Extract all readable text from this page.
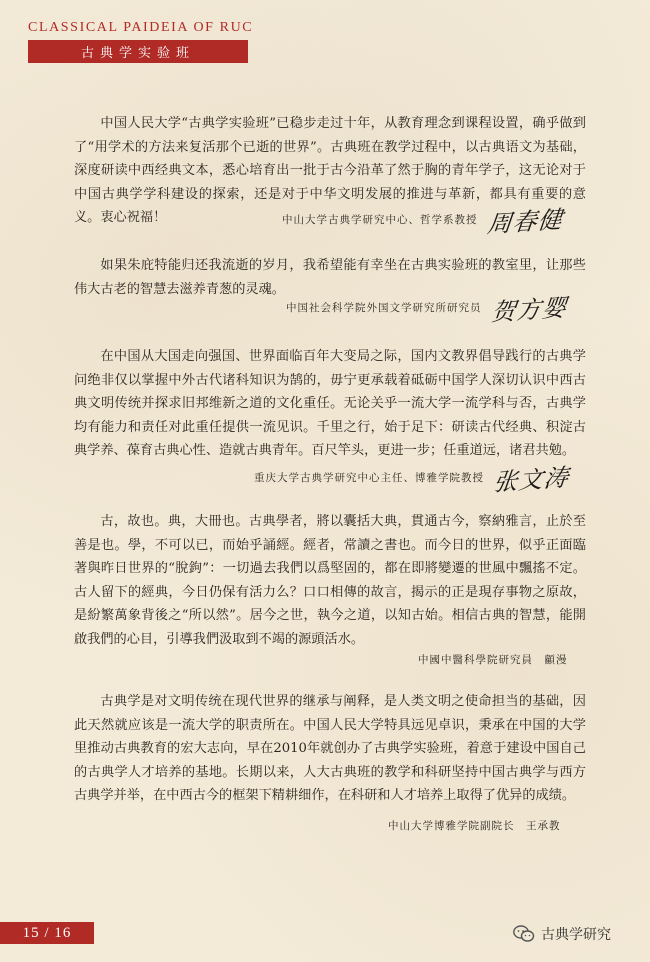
CLASSICAL PAIDEIA OF RUC
古典学实验班

中国人民大学“古典学实验班”已稳步走过十年，从教育理念到课程设置，确乎做到了“用学术的方法来复活那个已逝的世界”。古典班在教学过程中，以古典语文为基础，深度研读中西经典文本，悉心培育出一批于古今沿革了然于胸的青年学子，这无论对于中国古典学学科建设的探索，还是对于中华文明发展的推进与革新，都具有重要的意义。衷心祝福！	中山大学古典学研究中心、哲学系教授 周春健

如果朱庇特能归还我流逝的岁月，我希望能有幸坐在古典实验班的教室里，让那些伟大古老的智慧去滋养青葱的灵魂。

中国社会科学院外国文学研究所研究员 贺方婴

在中国从大国走向强国、世界面临百年大变局之际，国内文教界倡导践行的古典学问绝非仅以掌握中外古代诸科知识为鹄的，毋宁更承载着砥砺中国学人深切认识中西古典文明传统并探求旧邦维新之道的文化重任。无论关乎一流大学一流学科与否，古典学均有能力和责任对此重任提供一流见识。千里之行，始于足下：研读古代经典、积淀古典学养、葆育古典心性、造就古典青年。百尺竿头，更进一步；任重道远，诸君共勉。

重庆大学古典学研究中心主任、博雅学院教授 张文涛

古，故也。典，大冊也。古典學者，將以囊括大典，貫通古今，察納雅言，止於至善是也。學，不可以已，而始乎誦經。經者，常讀之書也。而今日的世界，似乎正面臨著與昨日世界的“脫鉤”：一切過去我們以爲堅固的，都在即將變遷的世風中飄搖不定。古人留下的經典，今日仍保有活力么？口口相傳的故言，揭示的正是現存事物之原故，是紛繁萬象背後之“所以然”。居今之世，執今之道，以知古始。相信古典的智慧，能開啟我們的心目，引導我們汲取到不竭的源頭活水。

中國中醫科學院研究員　顧漫

古典学是对文明传统在现代世界的继承与阐释，是人类文明之使命担当的基础，因此天然就应该是一流大学的职责所在。中国人民大学特具远见卓识，秉承在中国的大学里推动古典教育的宏大志向，早在2010年就创办了古典学实验班，着意于建设中国自己的古典学人才培养的基地。长期以来，人大古典班的教学和科研坚持中国古典学与西方古典学并举，在中西古今的框架下精耕细作，在科研和人才培养上取得了优异的成绩。

中山大学博雅学院副院长　王承教
15 / 16	古典学研究
